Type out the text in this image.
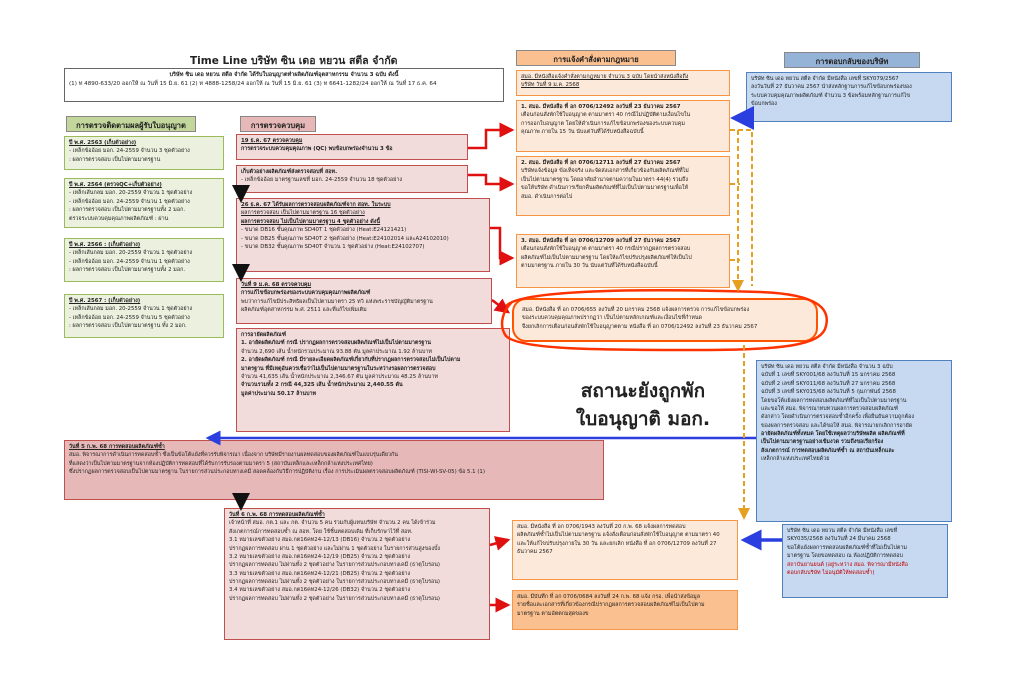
Time Line บริษัท ซิน เดอ หยวน สตีล จำกัด
บริษัท ซิน เดอ หยวน สตีล จำกัด ได้รับใบอนุญาตทำผลิตภัณฑ์อุตสาหกรรม จำนวน 3 ฉบับ ดังนี้
(1) ท 4890-633/20 ออกให้ ณ วันที่ 15 มิ.ย. 61 (2) ท 4888-1258/24 ออกให้ ณ วันที่ 15 มิ.ย. 61 (3) ท 6641-1282/24 ออกให้ ณ วันที่ 17 ธ.ค. 64
การตรวจติดตามผลผู้รับใบอนุญาต	การตรวจควบคุม
การแจ้งคำสั่งตามกฎหมาย	การตอบกลับของบริษัท
ปี พ.ศ. 2563 (เก็บตัวอย่าง)
- เหล็กข้ออ้อย มอก. 24-2559 จำนวน 3 ชุดตัวอย่าง
: ผลการตรวจสอบ เป็นไปตามมาตรฐาน
ปี พ.ศ. 2564 (ตรวจQC+เก็บตัวอย่าง)
- เหล็กเส้นกลม มอก. 20-2559 จำนวน 1 ชุดตัวอย่าง
- เหล็กข้ออ้อย มอก. 24-2559 จำนวน 1 ชุดตัวอย่าง
: ผลการตรวจสอบ เป็นไปตามมาตรฐานทั้ง 2 มอก.
ตรวจระบบควบคุมคุณภาพผลิตภัณฑ์ : ผ่าน
ปี พ.ศ. 2566 : (เก็บตัวอย่าง)
- เหล็กเส้นกลม มอก. 20-2559 จำนวน 1 ชุดตัวอย่าง
- เหล็กข้ออ้อย มอก. 24-2559 จำนวน 1 ชุดตัวอย่าง
: ผลการตรวจสอบ เป็นไปตามมาตรฐานทั้ง 2 มอก.
ปี พ.ศ. 2567 : (เก็บตัวอย่าง)
- เหล็กเส้นกลม มอก. 20-2559 จำนวน 1 ชุดตัวอย่าง
- เหล็กข้ออ้อย มอก. 24-2559 จำนวน 5 ชุดตัวอย่าง
: ผลการตรวจสอบ เป็นไปตามมาตรฐาน ทั้ง 2 มอก.
19 ธ.ค. 67 ตรวจควบคุม
การตรวจระบบควบคุมคุณภาพ (QC) พบข้อบกพร่องจำนวน 3 ข้อ
เก็บตัวอย่างผลิตภัณฑ์ส่งตรวจสอบที่ สอท.
- เหล็กข้ออ้อย มาตรฐานเลขที่ มอก. 24-2559 จำนวน 18 ชุดตัวอย่าง
26 ธ.ค. 67 ได้รับผลการตรวจสอบผลิตภัณฑ์จาก สอท. ในระบบ
ผลการตรวจสอบ เป็นไปตามมาตรฐาน 16 ชุดตัวอย่าง
ผลการตรวจสอบ ไม่เป็นไปตามมาตรฐาน 4 ชุดตัวอย่าง ดังนี้
- ขนาด DB16 ชั้นคุณภาพ SD40T 1 ชุดตัวอย่าง (Heat:E24121421)
- ขนาด DB25 ชั้นคุณภาพ SD40T 2 ชุดตัวอย่าง (Heat:E24102014 และA24102010)
- ขนาด DB32 ชั้นคุณภาพ SD40T จำนวน 1 ชุดตัวอย่าง (Heat:E24102707)
วันที่ 9 ม.ค. 68 ตรวจควบคุม
การแก้ไขข้อบกพร่องของระบบควบคุมคุณภาพผลิตภัณฑ์
พบว่าการแก้ไขมีประสิทธิผลเป็นไปตามมาตรา 25 ทวิ แห่งพระราชบัญญัติมาตรฐาน
ผลิตภัณฑ์อุตสาหกรรม พ.ศ. 2511 และที่แก้ไขเพิ่มเติม
การอายัดผลิตภัณฑ์
1. อายัดผลิตภัณฑ์ กรณี ปรากฏผลการตรวจสอบผลิตภัณฑ์ไม่เป็นไปตามมาตรฐาน
จำนวน 2,690 เส้น น้ำหนักรวมประมาณ 93.88 ตัน มูลค่าประมาณ 1.92 ล้านบาท
2. อายัดผลิตภัณฑ์ กรณี มีรายละเอียดผลิตภัณฑ์เกี่ยวกับที่ปรากฏผลการตรวจสอบไม่เป็นไปตาม
มาตรฐาน ที่มีเหตุอันควรเชื่อว่าไม่เป็นไปตามมาตรฐานในระหว่างรอผลการตรวจสอบ
จำนวน 41,635 เส้น น้ำหนักประมาณ 2,346.67 ตัน มูลค่าประมาณ 48.25 ล้านบาท
จำนวนรวมทั้ง 2 กรณี 44,325 เส้น น้ำหนักประมาณ 2,440.55 ตัน
มูลค่าประมาณ 50.17 ล้านบาท
วันที่ 5 ก.พ. 68 การทดสอบผลิตภัณฑ์ซ้ำ
สมอ. พิจารณาการดำเนินการทดสอบซ้ำ ซึ่งเป็นข้อโต้แย้งที่ควรรับพิจารณา เนื่องจาก บริษัทมีรายงานผลทดสอบของผลิตภัณฑ์ในแบบรุ่นเดียวกัน
ที่แสดงว่าเป็นไปตามมาตรฐานจากห้องปฏิบัติการทดสอบที่ได้รับการรับรองตามมาตรา 5 (สถาบันเหล็กและเหล็กกล้าแห่งประเทศไทย)
ซึ่งปรากฏผลการตรวจสอบเป็นไปตามมาตรฐาน ในรายการส่วนประกอบทางเคมี สอดคล้องกับวิธีการปฏิบัติงาน เรื่อง การประเมินผลตรวจสอบผลิตภัณฑ์ (TISI-WI-SV-05) ข้อ 5.1 (1)
วันที่ 6 ก.พ. 68 การทดสอบผลิตภัณฑ์ซ้ำ
เจ้าหน้าที่ สมอ. กต.1 และ กต. จำนวน 5 คน ร่วมกับผู้แทนบริษัท จำนวน 2 คน ได้เข้าร่วม
สังเกตการณ์การทดสอบซ้ำ ณ สอท. โดย ใช้ชิ้นทดสอบเดิม ที่เก็บรักษาไว้ที่ สอท.
3.1 หมายเลขตัวอย่าง สมอ.กต16คท24-12/13 (DB16) จำนวน 2 ชุดตัวอย่าง
ปรากฏผลการทดสอบ ผ่าน 1 ชุดตัวอย่าง และไม่ผ่าน 1 ชุดตัวอย่าง ในรายการส่วนสูงของบั้ง
3.2 หมายเลขตัวอย่าง สมอ.กต16คท24-12/19 (DB25) จำนวน 2 ชุดตัวอย่าง
ปรากฏผลการทดสอบ ไม่ผ่านทั้ง 2 ชุดตัวอย่าง ในรายการส่วนประกอบทางเคมี (ธาตุโบรอน)
3.3 หมายเลขตัวอย่าง สมอ.กต16คท24-12/21 (DB25) จำนวน 2 ชุดตัวอย่าง
ปรากฏผลการทดสอบ ไม่ผ่านทั้ง 2 ชุดตัวอย่าง ในรายการส่วนประกอบทางเคมี (ธาตุโบรอน)
3.4 หมายเลขตัวอย่าง สมอ.กต16คท24-12/26 (DB32) จำนวน 2 ชุดตัวอย่าง
ปรากฏผลการทดสอบ ไม่ผ่านทั้ง 2 ชุดตัวอย่าง ในรายการส่วนประกอบทางเคมี (ธาตุโบรอน)
สมอ. มีหนังสือแจ้งคำสั่งตามกฎหมาย จำนวน 3 ฉบับ โดยนำส่งหนังสือถึง
บริษัท วันที่ 9 ม.ค. 2568
1. สมอ. มีหนังสือ ที่ อก 0706/12492 ลงวันที่ 23 ธันวาคม 2567
เตือนก่อนสั่งพักใช้ใบอนุญาต ตามมาตรา 40 กรณีไม่ปฏิบัติตามเงื่อนไขใน
การออกใบอนุญาต โดยให้ดำเนินการแก้ไขข้อบกพร่องของระบบควบคุม
คุณภาพ ภายใน 15 วัน นับแต่วันที่ได้รับหนังสือฉบับนี้
2. สมอ. มีหนังสือ ที่ อก 0706/12711 ลงวันที่ 27 ธันวาคม 2567
บริษัทแจ้งข้อมูล ข้อเท็จจริง และจัดส่งเอกสารที่เกี่ยวข้องกับผลิตภัณฑ์ที่ไม่
เป็นไปตามมาตรฐาน โดยอาศัยอำนาจตามความในมาตรา 44(4) รวมถึง
ขอให้บริษัท ดำเนินการเรียกคืนผลิตภัณฑ์ที่ไม่เป็นไปตามมาตรฐานเพื่อให้
สมอ. ดำเนินการต่อไป
3. สมอ. มีหนังสือ ที่ อก 0706/12709 ลงวันที่ 27 ธันวาคม 2567
เตือนก่อนสั่งพักใช้ใบอนุญาต ตามมาตรา 40 กรณีปรากฏผลการตรวจสอบ
ผลิตภัณฑ์ไม่เป็นไปตามมาตรฐาน โดยให้แก้ไขปรับปรุงผลิตภัณฑ์ให้เป็นไป
ตามมาตรฐาน ภายใน 30 วัน นับแต่วันที่ได้รับหนังสือฉบับนี้
สมอ. มีหนังสือ ที่ อก 0706/655 ลงวันที่ 20 มกราคม 2568 แจ้งผลการตรวจ การแก้ไขข้อบกพร่อง
ของระบบควบคุมคุณภาพปรากฏว่า เป็นไปตามหลักเกณฑ์และเงื่อนไขที่กำหนด
จึงยกเลิกการเตือนก่อนสั่งพักใช้ใบอนุญาตตาม หนังสือ ที่ อก 0706/12492 ลงวันที่ 23 ธันวาคม 2567
สมอ. มีหนังสือ ที่ อก 0706/1943 ลงวันที่ 20 ก.พ. 68 แจ้งผลการทดสอบ
ผลิตภัณฑ์ซ้ำไม่เป็นไปตามมาตรฐาน แจ้งสั่งเตือนก่อนสั่งพักใช้ใบอนุญาต ตามมาตรา 40
และให้แก้ไขปรับปรุงภายใน 30 วัน และยกเลิก หนังสือ ที่ อก 0706/12709 ลงวันที่ 27
ธันวาคม 2567
สมอ. มีบันทึก ที่ อก 0706/0684 ลงวันที่ 24 ก.พ. 68 แจ้ง กรอ. เพื่อนำส่งข้อมูล
รายชื่อและเอกสารที่เกี่ยวข้องกรณีปรากฏผลการตรวจสอบผลิตภัณฑ์ไม่เป็นไปตาม
มาตรฐาน ตามอัตตกมสุดของข
สถานะยังถูกพัก
ใบอนุญาติ มอก.
บริษัท ซิน เดอ หยวน สตีล จำกัด มีหนังสือ เลขที่ SKY079/2567
ลงวันวันที่ 27 ธันวาคม 2567 นำส่งหลักฐานการแก้ไขข้อบกพร่องของ
ระบบควบคุมคุณภาพผลิตภัณฑ์ จำนวน 3 ข้อพร้อมหลักฐานการแก้ไข
ข้อบกพร่อง
บริษัท ซิน เดอ หยวน สตีล จำกัด มีหนังสือ จำนวน 3 ฉบับ
ฉบับที่ 1 เลขที่ SKY001/68 ลงวันวันที่ 15 มกราคม 2568
ฉบับที่ 2 เลขที่ SKY011/68 ลงวันวันที่ 27 มกราคม 2568
ฉบับที่ 3 เลขที่ SKY015/68 ลงวันวันที่ 5 กุมภาพันธ์ 2568
โดยขอโต้แย้งผลการทดสอบผลิตภัณฑ์ที่ไม่เป็นไปตามมาตรฐาน
และขอให้ สมอ. พิจารณาทบทวนผลการตรวจสอบผลิตภัณฑ์
ดังกล่าว โดยดำเนินการตรวจสอบซ้ำอีกครั้ง เพื่อยืนยันความถูกต้อง
ของผลการตรวจสอบ และได้ขอให้ สมอ. พิจารณายกเลิกการอายัด
อายัดผลิตภัณฑ์ทั้งหมด โดยใช้เหตุผลว่าบริษัทผลิต ผลิตภัณฑ์ที่
เป็นไปตามมาตรฐานอย่างเข้มงวด รวมถึงขอเรียกร้อง
สังเกตการณ์ การทดสอบผลิตภัณฑ์ซ้ำ ณ สถาบันเหล็กและ
เหล็กกล้าแห่งประเทศไทยด้วย
บริษัท ซิน เดอ หยวน สตีล จำกัด มีหนังสือ เลขที่
SKY035/2568 ลงวันวันที่ 24 มีนาคม 2568
ขอโต้แย้งผลการทดสอบผลิตภัณฑ์ซ้ำที่ไม่เป็นไปตาม
มาตรฐาน โดยขอทดสอบ ณ ห้องปฏิบัติการทดสอบ
สถาบันยานยนต์ (อยู่ระหว่าง สมอ. พิจารณามีหนังสือ
ตอบกลับบริษัท ไม่อนุมัติให้ทดสอบซ้ำ)
